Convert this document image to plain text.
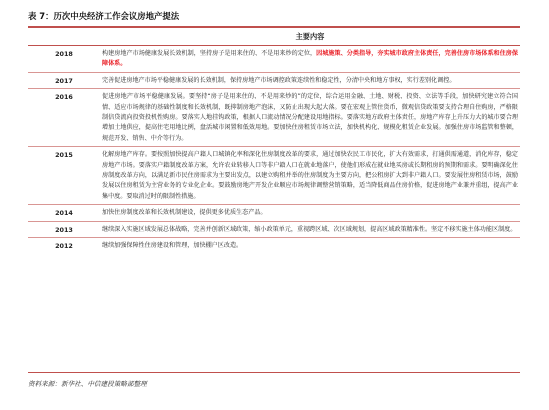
表 7：历次中央经济工作会议房地产提法
	主要内容
2018	构建房地产市场健康发展长效机制，坚持房子是用来住的、不是用来炒的定位，因城施策、分类指导，夯实城市政府主体责任，完善住房市场体系和住房保障体系。
2017	完善促进房地产市场平稳健康发展的长效机制，保持房地产市场调控政策连续性和稳定性，分清中央和地方事权，实行差别化调控。
2016	促进房地产市场平稳健康发展。要坚持“房子是用来住的、不是用来炒的”的定位，综合运用金融、土地、财税、投资、立法等手段，加快研究建立符合国情、适应市场规律的基础性制度和长效机制，既抑制房地产泡沫，又防止出现大起大落。要在宏观上管住货币，微观信贷政策要支持合理自住购房，严格限制信贷流向投资投机性购房。要落实人地挂钩政策，根据人口流动情况分配建设用地指标。要落实地方政府主体责任，房地产库存上升压力大的城市要合理增加土地供应，提高住宅用地比例，盘活城市闲置和低效用地。要加快住房租赁市场立法，加快机构化、规模化租赁企业发展。加强住房市场监管和整顿，规范开发、销售、中介等行为。
2015	化解房地产库存。要按照加快提高户籍人口城镇化率和深化住房制度改革的要求，通过加快农民工市民化，扩大有效需求，打通供需通道，消化库存，稳定房地产市场。要落实户籍制度改革方案，允许农业转移人口等非户籍人口在就业地落户，使他们形成在就业地买房或长期租房的预期和需求。要明确深化住房制度改革方向，以满足新市民住房需求为主要出发点，以建立购租并举的住房制度为主要方向，把公租房扩大到非户籍人口。要发展住房租赁市场，鼓励发展以住房租赁为主营业务的专业化企业。要鼓励房地产开发企业顺应市场规律调整营销策略，适当降低商品住房价格，促进房地产业兼并重组，提高产业集中度。要取消过时的限制性措施。
2014	加快住房制度改革和长效机制建设，提供更多优质生态产品。
2013	继续深入实施区域发展总体战略，完善并创新区域政策，缩小政策单元，重视跨区域、次区域规划，提高区域政策精准性。坚定不移实施主体功能区制度。
2012	继续加强保障性住房建设和管理，加快棚户区改造。
资料来源：新华社、中信建投策略部整理
